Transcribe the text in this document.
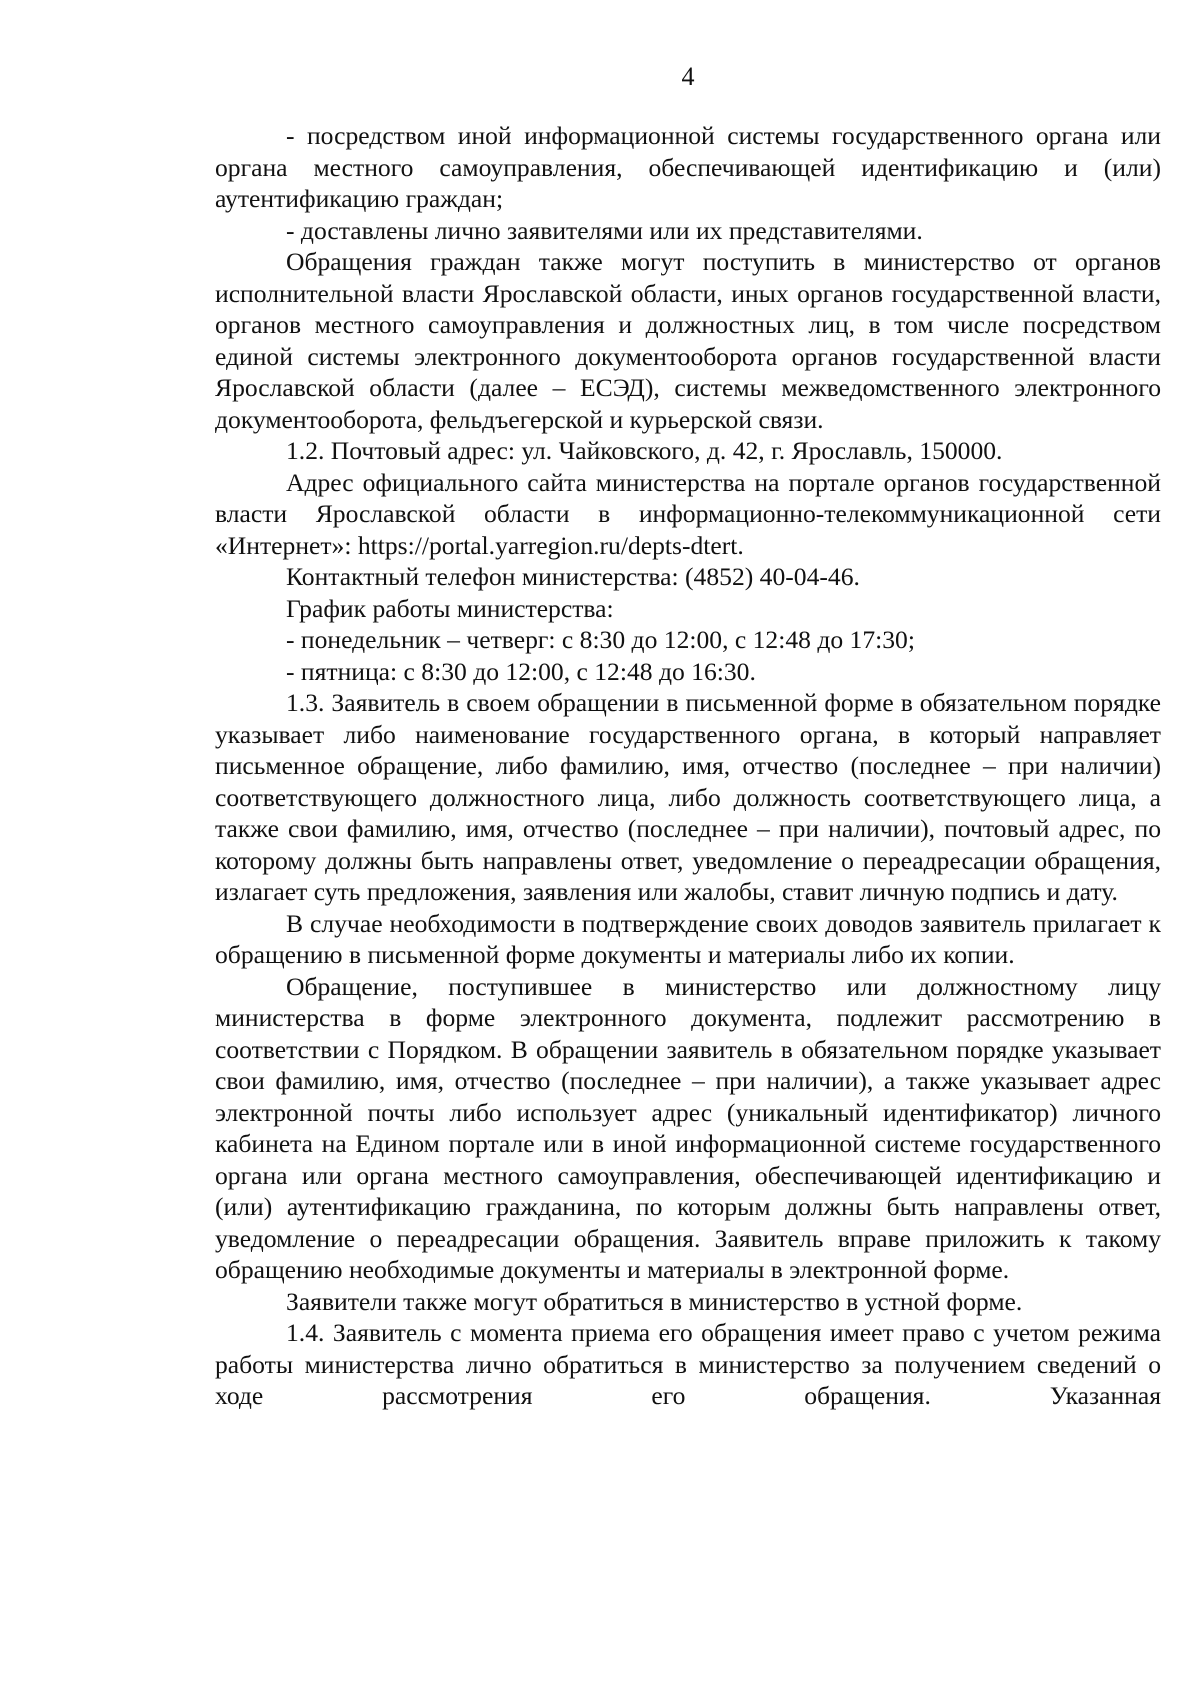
4

- посредством иной информационной системы государственного органа или органа местного самоуправления, обеспечивающей идентификацию и (или) аутентификацию граждан;

- доставлены лично заявителями или их представителями.

Обращения граждан также могут поступить в министерство от органов исполнительной власти Ярославской области, иных органов государственной власти, органов местного самоуправления и должностных лиц, в том числе посредством единой системы электронного документооборота органов государственной власти Ярославской области (далее – ЕСЭД), системы межведомственного электронного документооборота, фельдъегерской и курьерской связи.

1.2. Почтовый адрес: ул. Чайковского, д. 42, г. Ярославль, 150000.

Адрес официального сайта министерства на портале органов государственной власти Ярославской области в информационно-телекоммуникационной сети «Интернет»: https://portal.yarregion.ru/depts-dtert.

Контактный телефон министерства: (4852) 40-04-46.

График работы министерства:

- понедельник – четверг: с 8:30 до 12:00, с 12:48 до 17:30;

- пятница: с 8:30 до 12:00, с 12:48 до 16:30.

1.3. Заявитель в своем обращении в письменной форме в обязательном порядке указывает либо наименование государственного органа, в который направляет письменное обращение, либо фамилию, имя, отчество (последнее – при наличии) соответствующего должностного лица, либо должность соответствующего лица, а также свои фамилию, имя, отчество (последнее – при наличии), почтовый адрес, по которому должны быть направлены ответ, уведомление о переадресации обращения, излагает суть предложения, заявления или жалобы, ставит личную подпись и дату.

В случае необходимости в подтверждение своих доводов заявитель прилагает к обращению в письменной форме документы и материалы либо их копии.

Обращение, поступившее в министерство или должностному лицу министерства в форме электронного документа, подлежит рассмотрению в соответствии с Порядком. В обращении заявитель в обязательном порядке указывает свои фамилию, имя, отчество (последнее – при наличии), а также указывает адрес электронной почты либо использует адрес (уникальный идентификатор) личного кабинета на Едином портале или в иной информационной системе государственного органа или органа местного самоуправления, обеспечивающей идентификацию и (или) аутентификацию гражданина, по которым должны быть направлены ответ, уведомление о переадресации обращения. Заявитель вправе приложить к такому обращению необходимые документы и материалы в электронной форме.

Заявители также могут обратиться в министерство в устной форме.

1.4. Заявитель с момента приема его обращения имеет право с учетом режима работы министерства лично обратиться в министерство за получением сведений о ходе рассмотрения его обращения. Указанная
